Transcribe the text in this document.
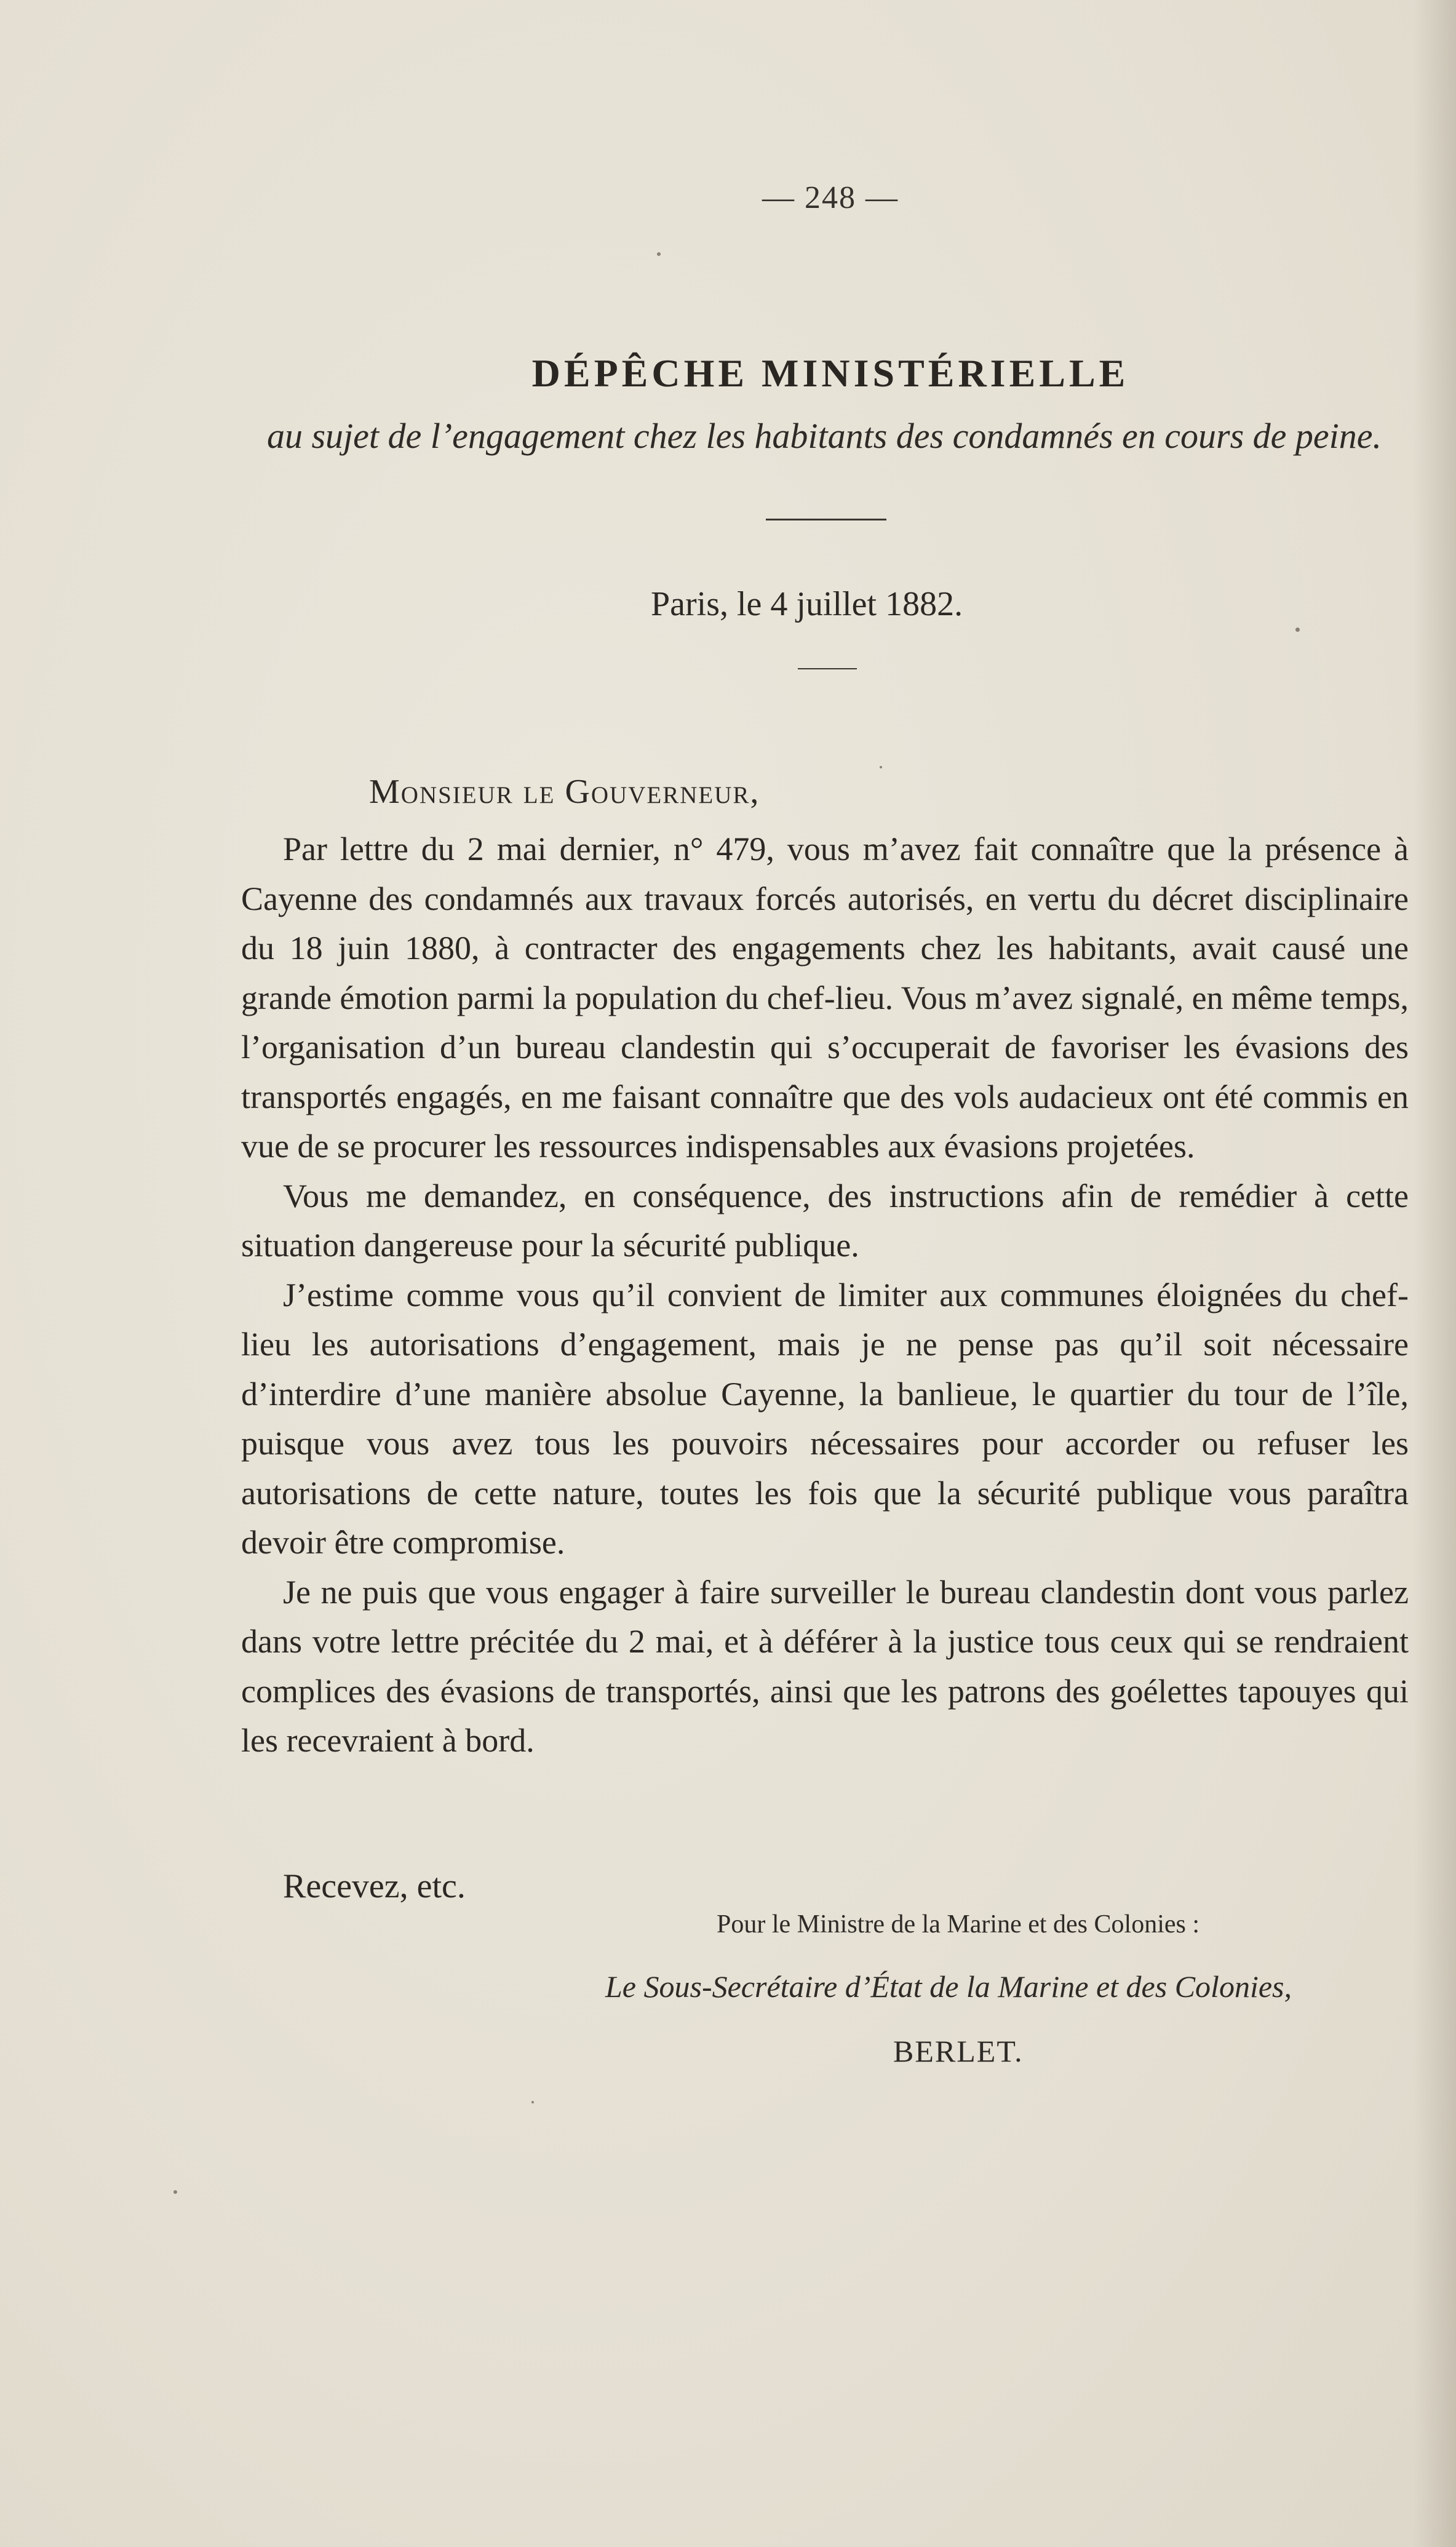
— 248 —
DÉPÊCHE MINISTÉRIELLE
au sujet de l’engagement chez les habitants des condamnés en cours de peine.
Paris, le 4 juillet 1882.
Monsieur le Gouverneur,

Par lettre du 2 mai dernier, n° 479, vous m’avez fait connaître que la présence à Cayenne des condamnés aux travaux forcés autorisés, en vertu du décret disciplinaire du 18 juin 1880, à contracter des engagements chez les habitants, avait causé une grande émotion parmi la population du chef-lieu. Vous m’avez signalé, en même temps, l’organisation d’un bureau clandestin qui s’occuperait de favoriser les évasions des transportés engagés, en me faisant connaître que des vols audacieux ont été commis en vue de se procurer les ressources indispensables aux évasions projetées.

Vous me demandez, en conséquence, des instructions afin de remédier à cette situation dangereuse pour la sécurité publique.

J’estime comme vous qu’il convient de limiter aux communes éloignées du chef-lieu les autorisations d’engagement, mais je ne pense pas qu’il soit nécessaire d’interdire d’une manière absolue Cayenne, la banlieue, le quartier du tour de l’île, puisque vous avez tous les pouvoirs nécessaires pour accorder ou refuser les autorisations de cette nature, toutes les fois que la sécurité publique vous paraîtra devoir être compromise.

Je ne puis que vous engager à faire surveiller le bureau clandestin dont vous parlez dans votre lettre précitée du 2 mai, et à déférer à la justice tous ceux qui se rendraient complices des évasions de transportés, ainsi que les patrons des goélettes tapouyes qui les recevraient à bord.

Recevez, etc.
Pour le Ministre de la Marine et des Colonies :
Le Sous-Secrétaire d’État de la Marine et des Colonies,
BERLET.
